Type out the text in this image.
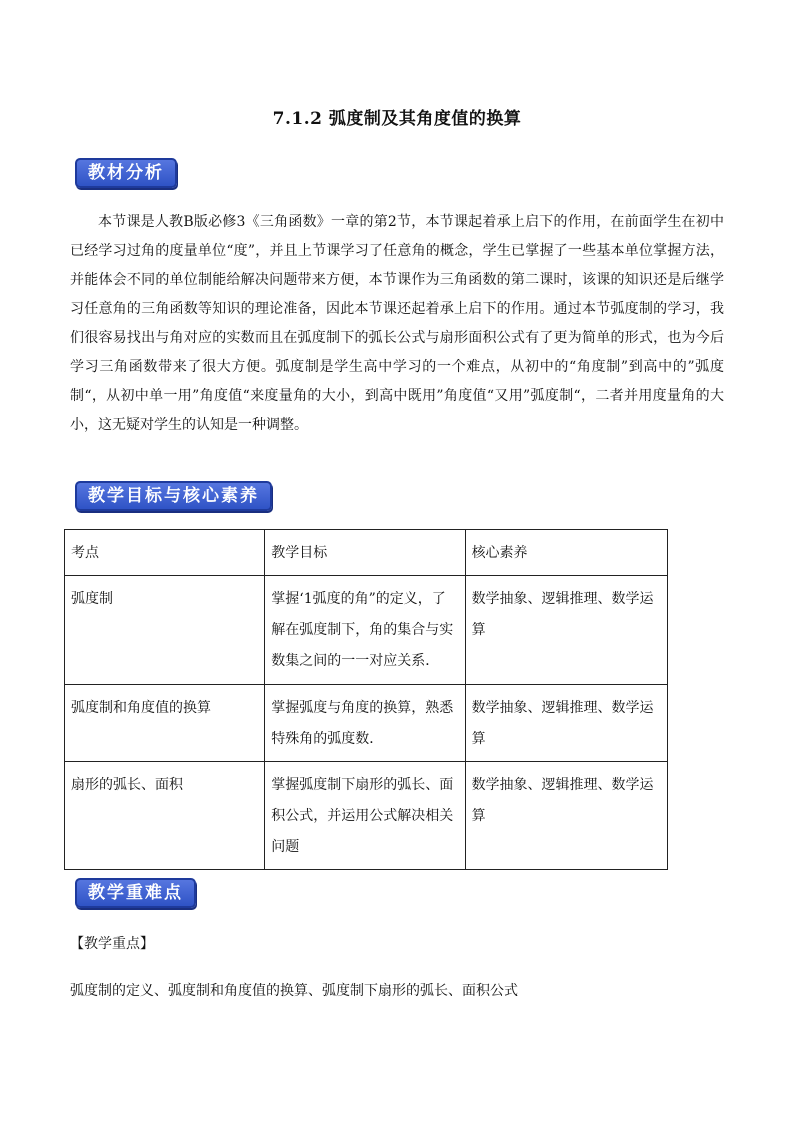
7.1.2 弧度制及其角度值的换算
教材分析

本节课是人教B版必修3《三角函数》一章的第2节，本节课起着承上启下的作用，在前面学生在初中已经学习过角的度量单位“度”，并且上节课学习了任意角的概念，学生已掌握了一些基本单位掌握方法，并能体会不同的单位制能给解决问题带来方便，本节课作为三角函数的第二课时，该课的知识还是后继学习任意角的三角函数等知识的理论准备，因此本节课还起着承上启下的作用。通过本节弧度制的学习，我们很容易找出与角对应的实数而且在弧度制下的弧长公式与扇形面积公式有了更为简单的形式，也为今后学习三角函数带来了很大方便。弧度制是学生高中学习的一个难点，从初中的“角度制”到高中的”弧度制“，从初中单一用”角度值“来度量角的大小，到高中既用”角度值“又用”弧度制“，二者并用度量角的大小，这无疑对学生的认知是一种调整。

教学目标与核心素养
考点	教学目标	核心素养
弧度制	掌握‘1弧度的角”的定义，了解在弧度制下，角的集合与实数集之间的一一对应关系．	数学抽象、逻辑推理、数学运算
弧度制和角度值的换算	掌握弧度与角度的换算，熟悉特殊角的弧度数．	数学抽象、逻辑推理、数学运算
扇形的弧长、面积	掌握弧度制下扇形的弧长、面积公式，并运用公式解决相关问题	数学抽象、逻辑推理、数学运算
教学重难点
【教学重点】
弧度制的定义、弧度制和角度值的换算、弧度制下扇形的弧长、面积公式
